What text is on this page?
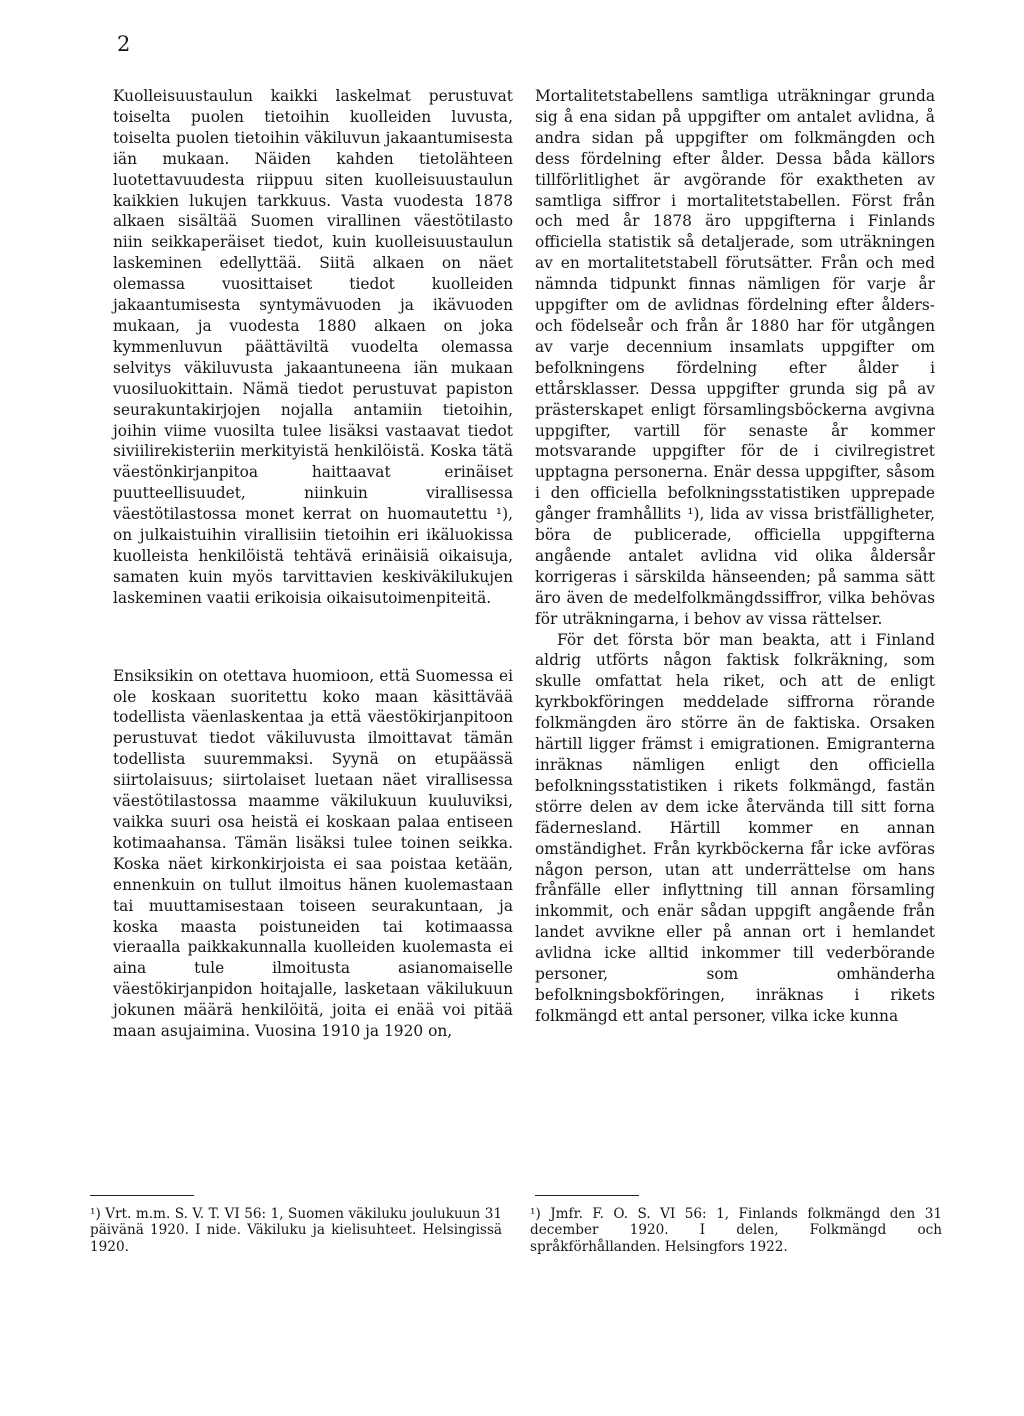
2

Kuolleisuustaulun kaikki laskelmat perustuvat toiselta puolen tietoihin kuolleiden luvusta, toiselta puolen tietoihin väkiluvun jakaantumisesta iän mukaan. Näiden kahden tietolähteen luotettavuudesta riippuu siten kuolleisuustaulun kaikkien lukujen tarkkuus. Vasta vuodesta 1878 alkaen sisältää Suomen virallinen väestötilasto niin seikkaperäiset tiedot, kuin kuolleisuustaulun laskeminen edellyttää. Siitä alkaen on näet olemassa vuosittaiset tiedot kuolleiden jakaantumisesta syntymävuoden ja ikävuoden mukaan, ja vuodesta 1880 alkaen on joka kymmenluvun päättäviltä vuodelta olemassa selvitys väkiluvusta jakaantuneena iän mukaan vuosiluokittain. Nämä tiedot perustuvat papiston seurakuntakirjojen nojalla antamiin tietoihin, joihin viime vuosilta tulee lisäksi vastaavat tiedot siviilirekisteriin merkityistä henkilöistä. Koska tätä väestönkirjanpitoa haittaavat erinäiset puutteellisuudet, niinkuin virallisessa väestötilastossa monet kerrat on huomautettu ¹), on julkaistuihin virallisiin tietoihin eri ikäluokissa kuolleista henkilöistä tehtävä erinäisiä oikaisuja, samaten kuin myös tarvittavien keskiväkilukujen laskeminen vaatii erikoisia oikaisutoimenpiteitä.

Ensiksikin on otettava huomioon, että Suomessa ei ole koskaan suoritettu koko maan käsittävää todellista väenlaskentaa ja että väestökirjanpitoon perustuvat tiedot väkiluvusta ilmoittavat tämän todellista suuremmaksi. Syynä on etupäässä siirtolaisuus; siirtolaiset luetaan näet virallisessa väestötilastossa maamme väkilukuun kuuluviksi, vaikka suuri osa heistä ei koskaan palaa entiseen kotimaahansa. Tämän lisäksi tulee toinen seikka. Koska näet kirkonkirjoista ei saa poistaa ketään, ennenkuin on tullut ilmoitus hänen kuolemastaan tai muuttamisestaan toiseen seurakuntaan, ja koska maasta poistuneiden tai kotimaassa vieraalla paikkakunnalla kuolleiden kuolemasta ei aina tule ilmoitusta asianomaiselle väestökirjanpidon hoitajalle, lasketaan väkilukuun jokunen määrä henkilöitä, joita ei enää voi pitää maan asujaimina. Vuosina 1910 ja 1920 on,

Mortalitetstabellens samtliga uträkningar grunda sig å ena sidan på uppgifter om antalet avlidna, å andra sidan på uppgifter om folkmängden och dess fördelning efter ålder. Dessa båda källors tillförlitlighet är avgörande för exaktheten av samtliga siffror i mortalitetstabellen. Först från och med år 1878 äro uppgifterna i Finlands officiella statistik så detaljerade, som uträkningen av en mortalitetstabell förutsätter. Från och med nämnda tidpunkt finnas nämligen för varje år uppgifter om de avlidnas fördelning efter ålders- och födelseår och från år 1880 har för utgången av varje decennium insamlats uppgifter om befolkningens fördelning efter ålder i ettårsklasser. Dessa uppgifter grunda sig på av prästerskapet enligt församlingsböckerna avgivna uppgifter, vartill för senaste år kommer motsvarande uppgifter för de i civilregistret upptagna personerna. Enär dessa uppgifter, såsom i den officiella befolkningsstatistiken upprepade gånger framhållits ¹), lida av vissa bristfälligheter, böra de publicerade, officiella uppgifterna angående antalet avlidna vid olika åldersår korrigeras i särskilda hänseenden; på samma sätt äro även de medelfolkmängdssiffror, vilka behövas för uträkningarna, i behov av vissa rättelser.

För det första bör man beakta, att i Finland aldrig utförts någon faktisk folkräkning, som skulle omfattat hela riket, och att de enligt kyrkbokföringen meddelade siffrorna rörande folkmängden äro större än de faktiska. Orsaken härtill ligger främst i emigrationen. Emigranterna inräknas nämligen enligt den officiella befolkningsstatistiken i rikets folkmängd, fastän större delen av dem icke återvända till sitt forna fädernesland. Härtill kommer en annan omständighet. Från kyrkböckerna får icke avföras någon person, utan att underrättelse om hans frånfälle eller inflyttning till annan församling inkommit, och enär sådan uppgift angående från landet avvikne eller på annan ort i hemlandet avlidna icke alltid inkommer till vederbörande personer, som omhänderha befolkningsbokföringen, inräknas i rikets folkmängd ett antal personer, vilka icke kunna

¹) Vrt. m.m. S. V. T. VI 56: 1, Suomen väkiluku joulukuun 31 päivänä 1920. I nide. Väkiluku ja kielisuhteet. Helsingissä 1920.

¹) Jmfr. F. O. S. VI 56: 1, Finlands folkmängd den 31 december 1920. I delen, Folkmängd och språkförhållanden. Helsingfors 1922.
